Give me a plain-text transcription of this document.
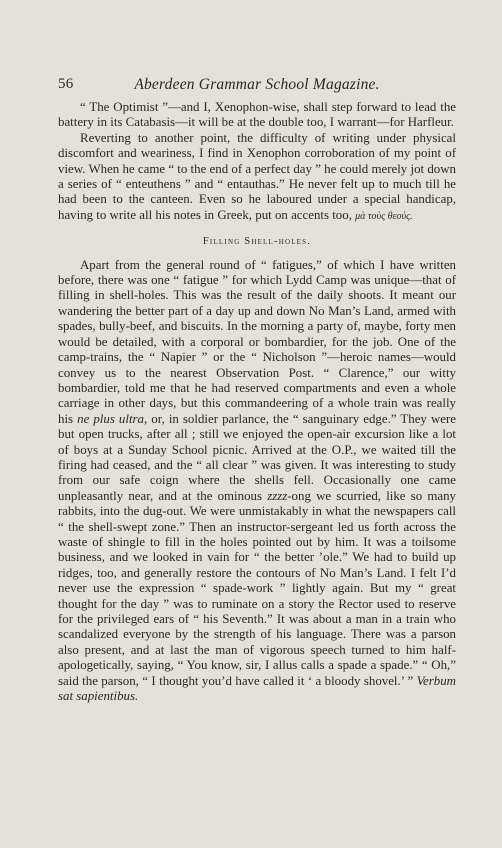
56	Aberdeen Grammar School Magazine.

“ The Optimist ”—and I, Xenophon-wise, shall step forward to lead the battery in its Catabasis—it will be at the double too, I warrant—for Harfleur.

Reverting to another point, the difficulty of writing under physical discomfort and weariness, I find in Xenophon corroboration of my point of view. When he came “ to the end of a perfect day ” he could merely jot down a series of “ enteuthens ” and “ entauthas.” He never felt up to much till he had been to the canteen. Even so he laboured under a special handicap, having to write all his notes in Greek, put on accents too, μὰ τοὺς θεούς.

Filling Shell-holes.

Apart from the general round of “ fatigues,” of which I have written before, there was one “ fatigue ” for which Lydd Camp was unique—that of filling in shell-holes. This was the result of the daily shoots. It meant our wandering the better part of a day up and down No Man’s Land, armed with spades, bully-beef, and biscuits. In the morning a party of, maybe, forty men would be detailed, with a corporal or bombardier, for the job. One of the camp-trains, the “ Napier ” or the “ Nicholson ”—heroic names—would convey us to the nearest Observation Post. “ Clarence,” our witty bombardier, told me that he had reserved compartments and even a whole carriage in other days, but this commandeering of a whole train was really his ne plus ultra, or, in soldier parlance, the “ sanguinary edge.” They were but open trucks, after all ; still we enjoyed the open-air excursion like a lot of boys at a Sunday School picnic. Arrived at the O.P., we waited till the firing had ceased, and the “ all clear ” was given. It was interesting to study from our safe coign where the shells fell. Occasionally one came unpleasantly near, and at the ominous zzzz-ong we scurried, like so many rabbits, into the dug-out. We were unmistakably in what the newspapers call “ the shell-swept zone.” Then an instructor-sergeant led us forth across the waste of shingle to fill in the holes pointed out by him. It was a toilsome business, and we looked in vain for “ the better ’ole.” We had to build up ridges, too, and generally restore the contours of No Man’s Land. I felt I’d never use the expression “ spade-work ” lightly again. But my “ great thought for the day ” was to ruminate on a story the Rector used to reserve for the privileged ears of “ his Seventh.” It was about a man in a train who scandalized everyone by the strength of his language. There was a parson also present, and at last the man of vigorous speech turned to him half-apologetically, saying, “ You know, sir, I allus calls a spade a spade.” “ Oh,” said the parson, “ I thought you’d have called it ‘ a bloody shovel.’ ” Verbum sat sapientibus.
